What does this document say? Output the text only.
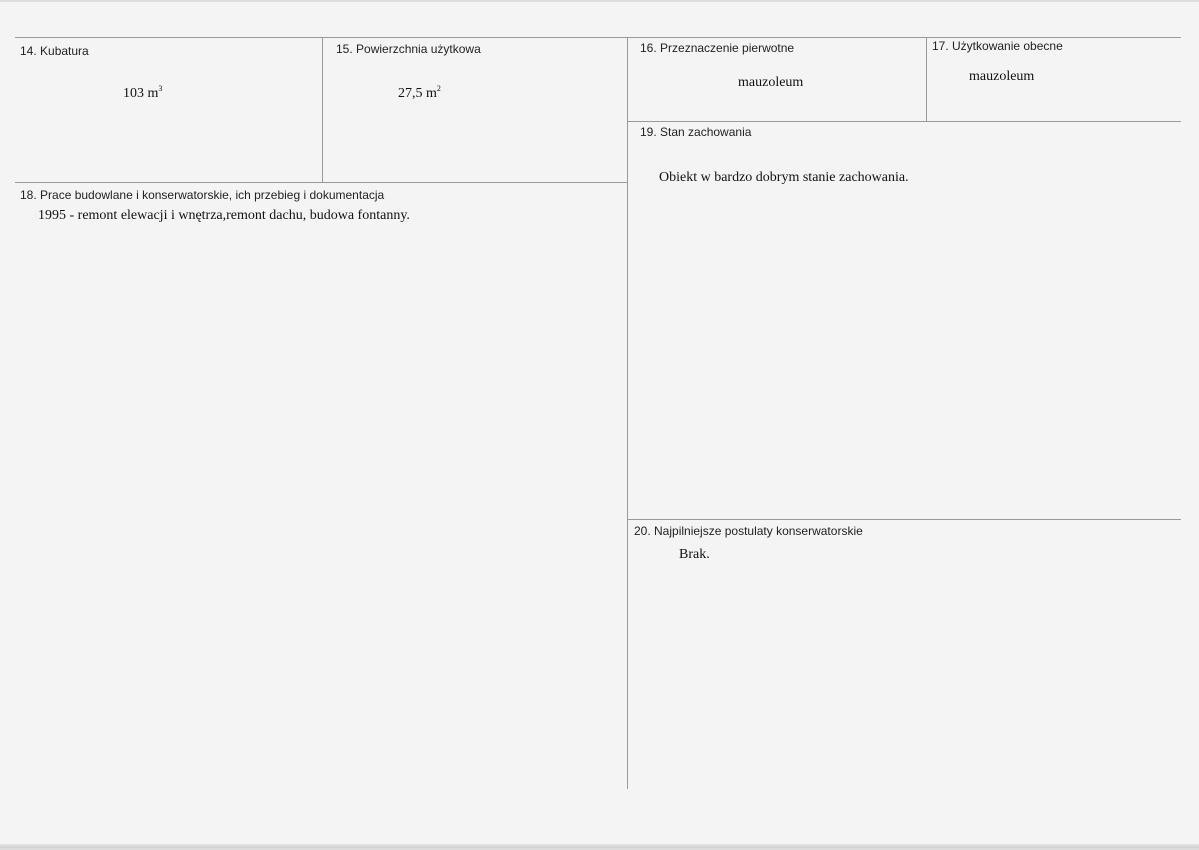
14. Kubatura
103 $m^3$
15. Powierzchnia użytkowa
27,5 $m^2$
16. Przeznaczenie pierwotne
mauzoleum
17. Użytkowanie obecne
mauzoleum
18. Prace budowlane i konserwatorskie, ich przebieg i dokumentacja
1995 - remont elewacji i wnętrza,remont dachu, budowa fontanny.
19. Stan zachowania
Obiekt w bardzo dobrym stanie zachowania.
20. Najpilniejsze postulaty konserwatorskie
Brak.
